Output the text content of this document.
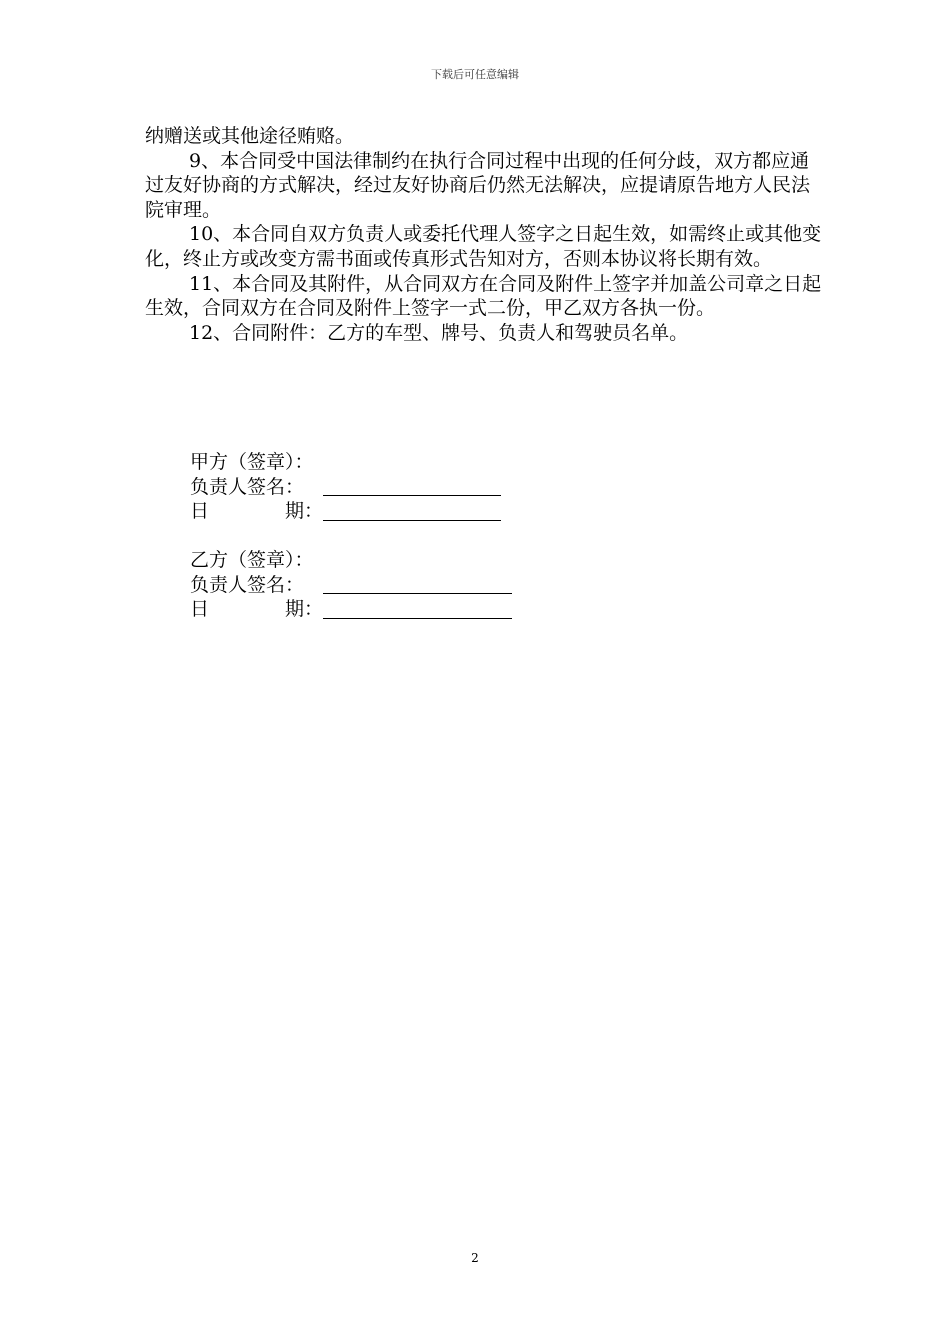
下载后可任意编辑

纳赠送或其他途径贿赂。

9、本合同受中国法律制约在执行合同过程中出现的任何分歧，双方都应通过友好协商的方式解决，经过友好协商后仍然无法解决，应提请原告地方人民法院审理。

10、本合同自双方负责人或委托代理人签字之日起生效，如需终止或其他变化，终止方或改变方需书面或传真形式告知对方，否则本协议将长期有效。

11、本合同及其附件，从合同双方在合同及附件上签字并加盖公司章之日起生效，合同双方在合同及附件上签字一式二份，甲乙双方各执一份。

12、合同附件：乙方的车型、牌号、负责人和驾驶员名单。

甲方（签章）：
负责人签名：
日	期：
乙方（签章）：
负责人签名：
日	期：
2
